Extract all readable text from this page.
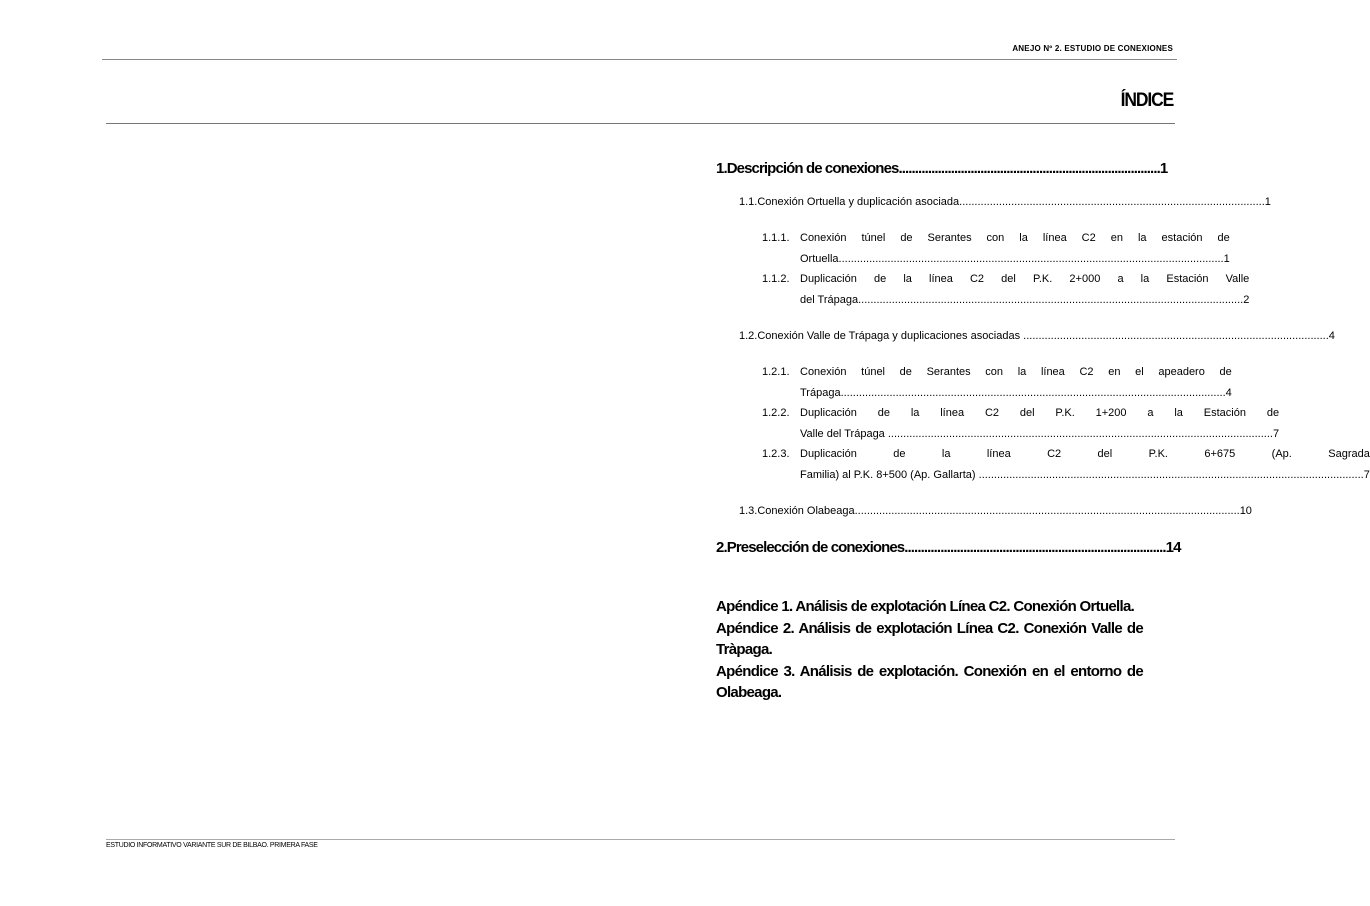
ANEJO Nº 2. ESTUDIO DE CONEXIONES
ÍNDICE
1. Descripción de conexiones ................................................................................ 1
1.1. Conexión Ortuella y duplicación asociada .................................................................................................... 1
1.1.1. Conexión túnel de Serantes con la línea C2 en la estación de
Ortuella .............................................................................................................................. 1
1.1.2. Duplicación de la línea C2 del P.K. 2+000 a la Estación Valle
del Trápaga .............................................................................................................................. 2
1.2. Conexión Valle de Trápaga y duplicaciones asociadas .................................................................................................... 4
1.2.1. Conexión túnel de Serantes con la línea C2 en el apeadero de
Trápaga .............................................................................................................................. 4
1.2.2. Duplicación de la línea C2 del P.K. 1+200 a la Estación de
Valle del Trápaga .............................................................................................................................. 7
1.2.3. Duplicación de la línea C2 del P.K. 6+675 (Ap. Sagrada
Familia) al P.K. 8+500 (Ap. Gallarta) .............................................................................................................................. 7
1.3. Conexión Olabeaga .............................................................................................................................. 10
2. Preselección de conexiones ................................................................................ 14
Apéndice 1. Análisis de explotación Línea C2. Conexión Ortuella.
Apéndice 2. Análisis de explotación Línea C2. Conexión Valle de Tràpaga.
Apéndice 3. Análisis de explotación. Conexión en el entorno de Olabeaga.
ESTUDIO INFORMATIVO VARIANTE SUR DE BILBAO. PRIMERA FASE
